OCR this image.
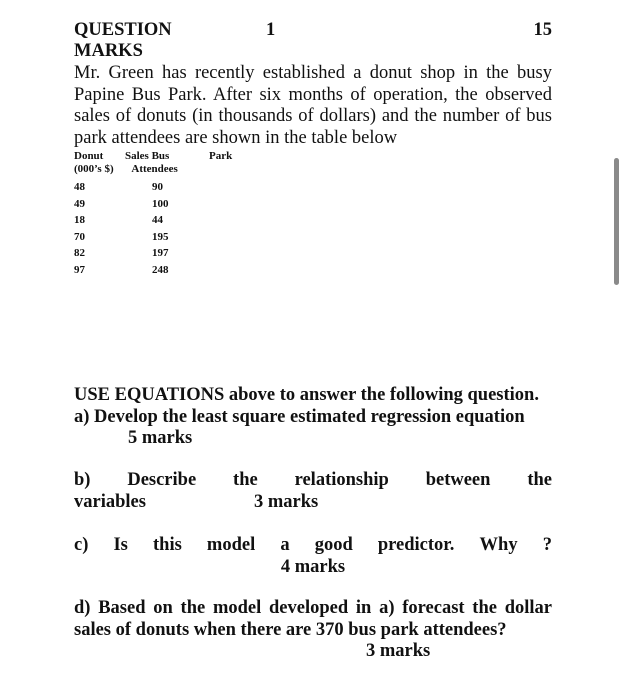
QUESTION	1	15
MARKS

Mr. Green has recently established a donut shop in the busy Papine Bus Park. After six months of operation, the observed sales of donuts (in thousands of dollars) and the number of bus park attendees are shown in the table below

Donut	Sales Bus	Park
(000’s $) Attendees		
48	90	
49	100	
18	44	
70	195	
82	197	
97	248	
USE EQUATIONS above to answer the following question.
a) Develop the least square estimated regression equation
5 marks
b) Describe the relationship between the
variables	3 marks
c) Is this model a good predictor. Why ?
4 marks
d) Based on the model developed in a) forecast the dollar sales of donuts when there are 370 bus park attendees?
3 marks
